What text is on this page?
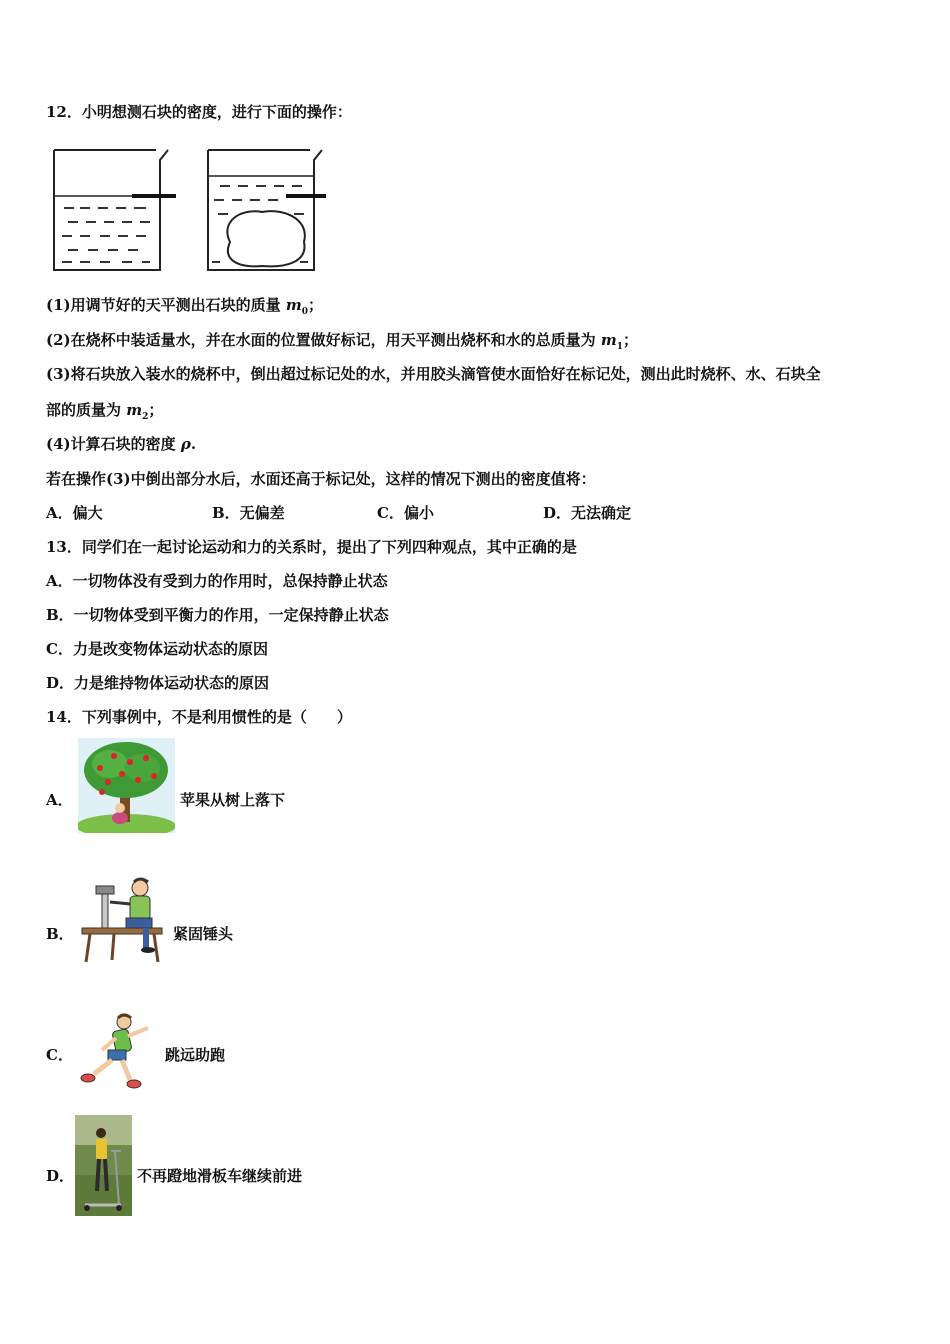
12．小明想测石块的密度，进行下面的操作：
(1)用调节好的天平测出石块的质量 $m_0$；
(2)在烧杯中装适量水，并在水面的位置做好标记，用天平测出烧杯和水的总质量为 $m_1$；
(3)将石块放入装水的烧杯中，倒出超过标记处的水，并用胶头滴管使水面恰好在标记处，测出此时烧杯、水、石块全
部的质量为 $m_2$；
(4)计算石块的密度 ρ.
若在操作(3)中倒出部分水后，水面还高于标记处，这样的情况下测出的密度值将：
A．偏大	B．无偏差	C．偏小	D．无法确定
13．同学们在一起讨论运动和力的关系时，提出了下列四种观点，其中正确的是
A．一切物体没有受到力的作用时，总保持静止状态
B．一切物体受到平衡力的作用，一定保持静止状态
C．力是改变物体运动状态的原因
D．力是维持物体运动状态的原因
14．下列事例中，不是利用惯性的是（　　）
A．	苹果从树上落下
B．	紧固锤头
C．	跳远助跑
D．	不再蹬地滑板车继续前进
